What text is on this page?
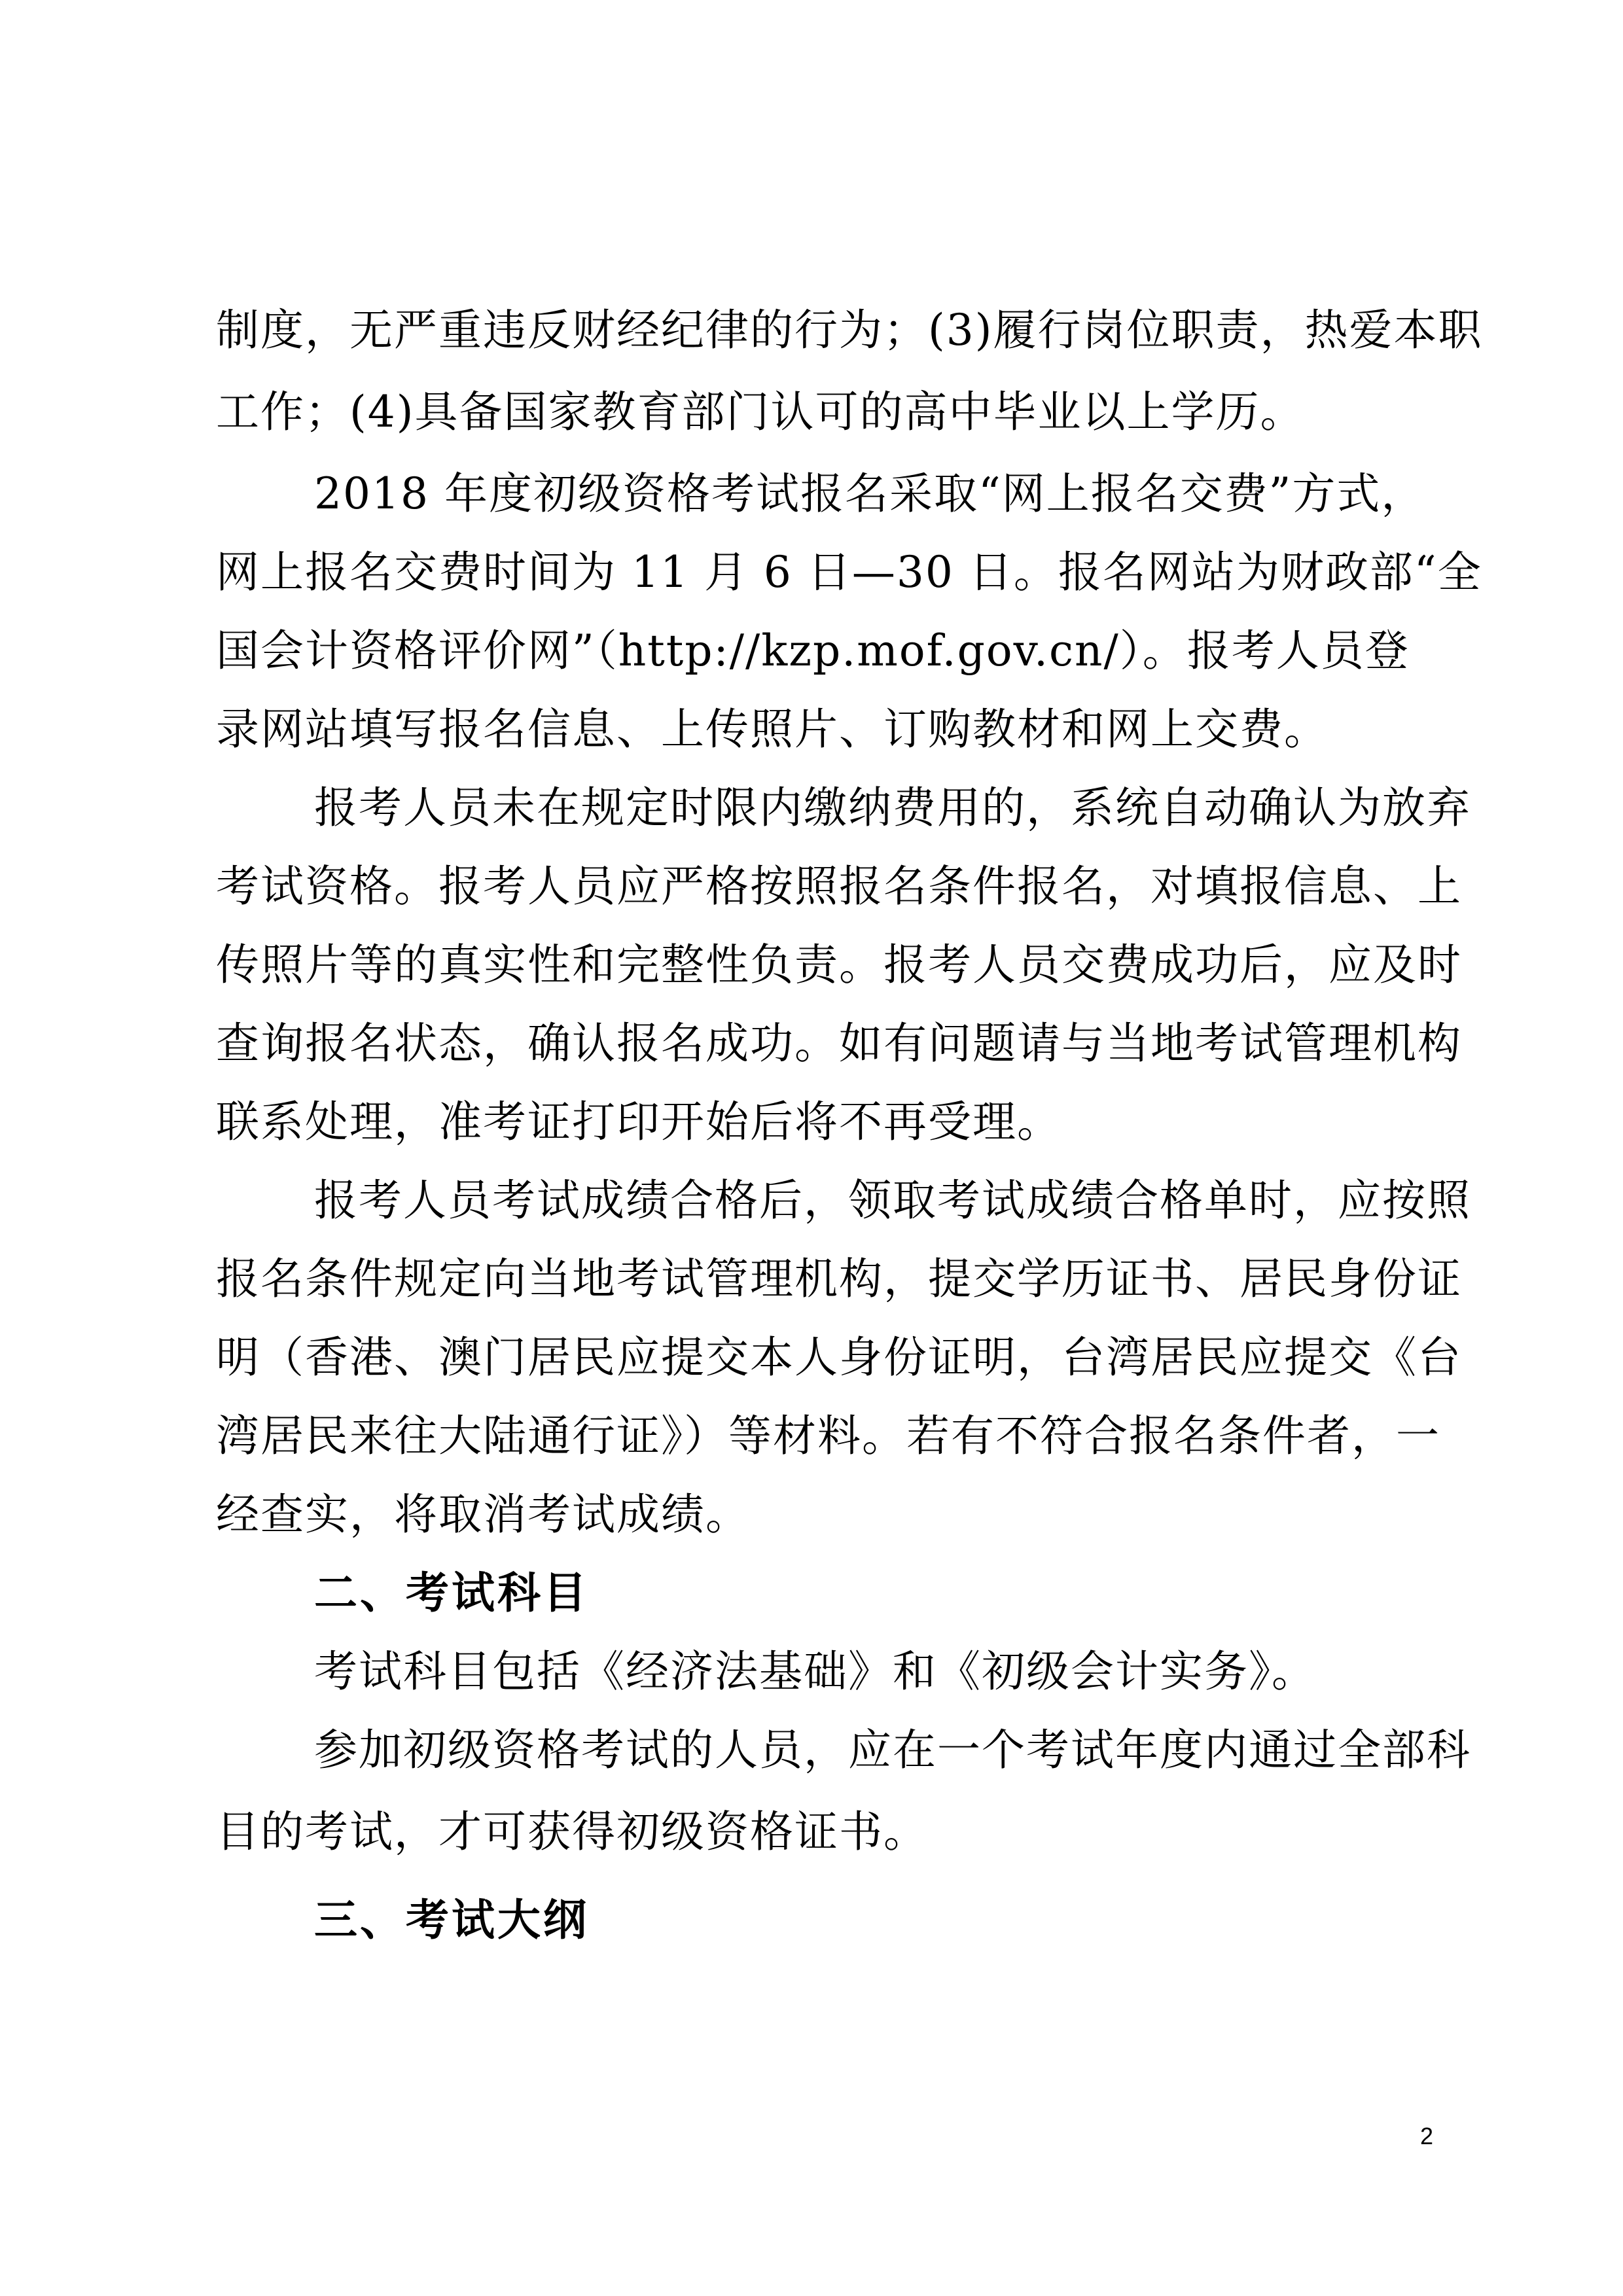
制度，无严重违反财经纪律的行为；(3)履行岗位职责，热爱本职
工作；(4)具备国家教育部门认可的高中毕业以上学历。
2018 年度初级资格考试报名采取“网上报名交费”方式，
网上报名交费时间为 11 月 6 日—30 日。报名网站为财政部“全
国会计资格评价网”（http://kzp.mof.gov.cn/）。报考人员登
录网站填写报名信息、上传照片、订购教材和网上交费。
报考人员未在规定时限内缴纳费用的，系统自动确认为放弃
考试资格。报考人员应严格按照报名条件报名，对填报信息、上
传照片等的真实性和完整性负责。报考人员交费成功后，应及时
查询报名状态，确认报名成功。如有问题请与当地考试管理机构
联系处理，准考证打印开始后将不再受理。
报考人员考试成绩合格后，领取考试成绩合格单时，应按照
报名条件规定向当地考试管理机构，提交学历证书、居民身份证
明（香港、澳门居民应提交本人身份证明，台湾居民应提交《台
湾居民来往大陆通行证》）等材料。若有不符合报名条件者，一
经查实，将取消考试成绩。
二、考试科目
考试科目包括《经济法基础》和《初级会计实务》。
参加初级资格考试的人员，应在一个考试年度内通过全部科
目的考试，才可获得初级资格证书。
三、考试大纲
2
